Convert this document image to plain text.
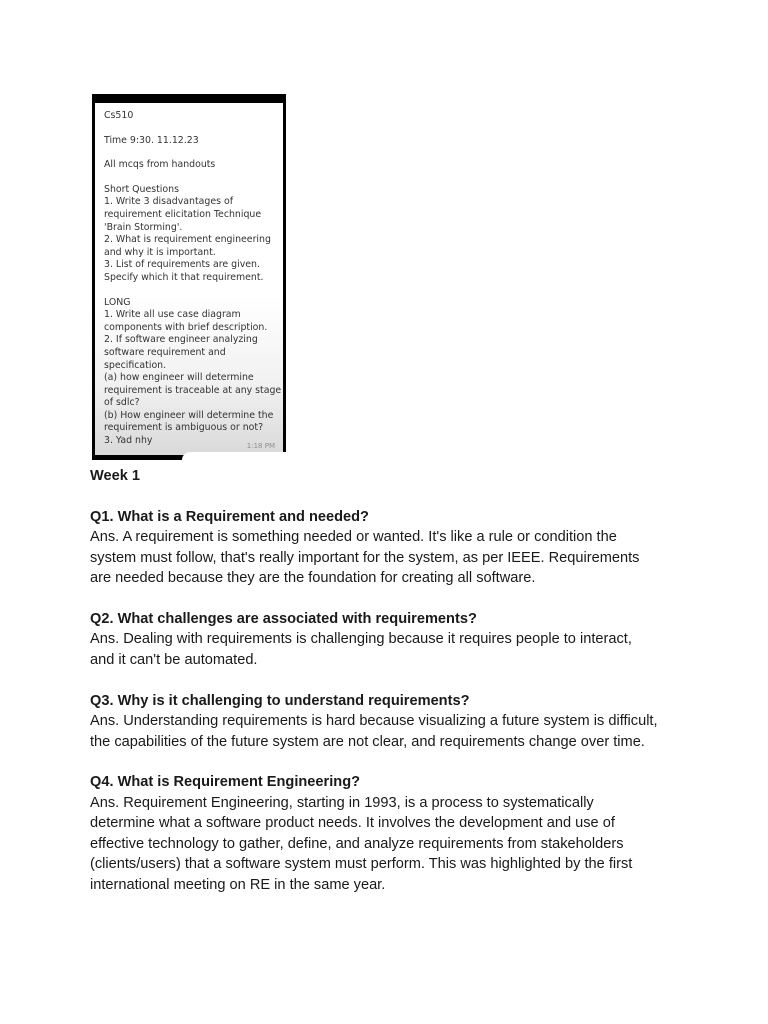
Cs510
Time 9:30. 11.12.23
All mcqs from handouts
Short Questions
1. Write 3 disadvantages of
requirement elicitation Technique
'Brain Storming'.
2. What is requirement engineering
and why it is important.
3. List of requirements are given.
Specify which it that requirement.
LONG
1. Write all use case diagram
components with brief description.
2. If software engineer analyzing
software requirement and
specification.
(a) how engineer will determine
requirement is traceable at any stage
of sdlc?
(b) How engineer will determine the
requirement is ambiguous or not?
3. Yad nhy	1:18 PM

Week 1

Q1. What is a Requirement and needed?

Ans. A requirement is something needed or wanted. It's like a rule or condition the
system must follow, that's really important for the system, as per IEEE. Requirements
are needed because they are the foundation for creating all software.

Q2. What challenges are associated with requirements?

Ans. Dealing with requirements is challenging because it requires people to interact,
and it can't be automated.

Q3. Why is it challenging to understand requirements?

Ans. Understanding requirements is hard because visualizing a future system is difficult,
the capabilities of the future system are not clear, and requirements change over time.

Q4. What is Requirement Engineering?

Ans. Requirement Engineering, starting in 1993, is a process to systematically
determine what a software product needs. It involves the development and use of
effective technology to gather, define, and analyze requirements from stakeholders
(clients/users) that a software system must perform. This was highlighted by the first
international meeting on RE in the same year.
